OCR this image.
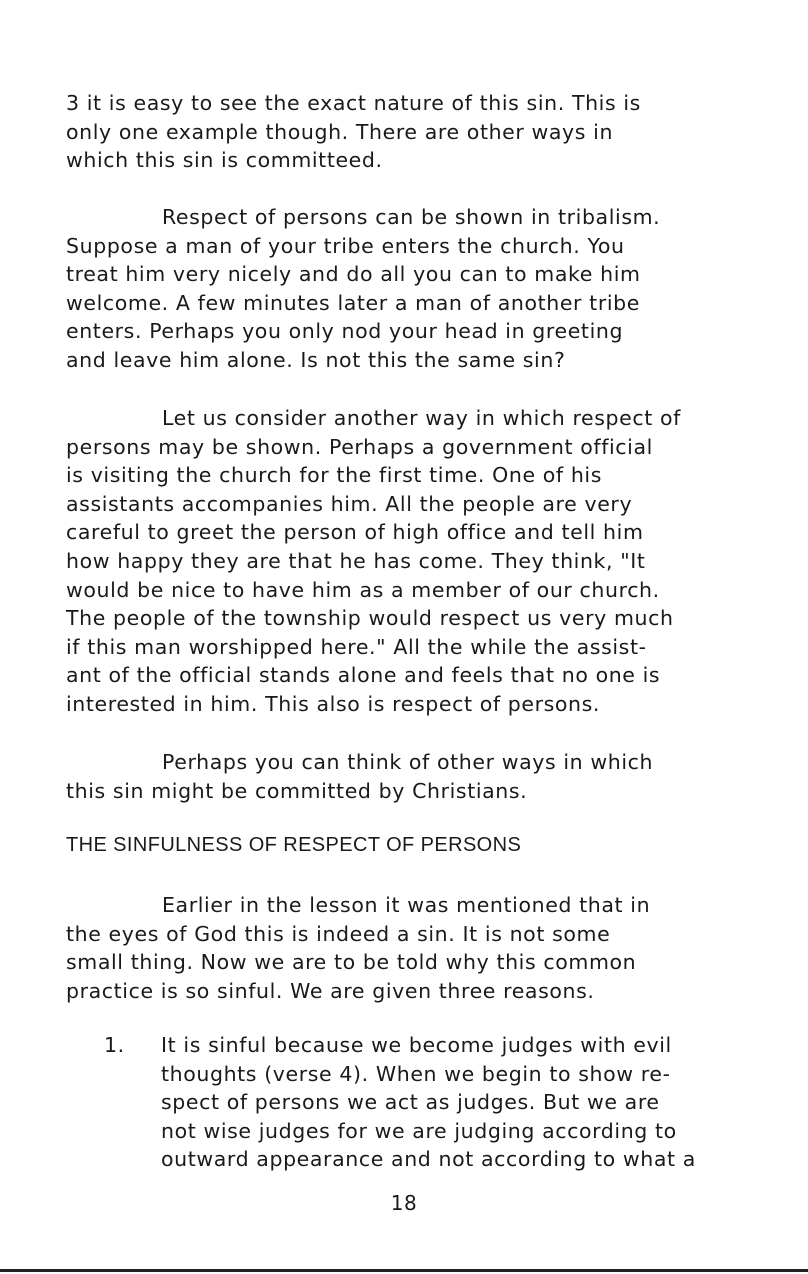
3 it is easy to see the exact nature of this sin. This is
only one example though. There are other ways in
which this sin is committeed.
Respect of persons can be shown in tribalism.
Suppose a man of your tribe enters the church. You
treat him very nicely and do all you can to make him
welcome. A few minutes later a man of another tribe
enters. Perhaps you only nod your head in greeting
and leave him alone. Is not this the same sin?
Let us consider another way in which respect of
persons may be shown. Perhaps a government official
is visiting the church for the first time. One of his
assistants accompanies him. All the people are very
careful to greet the person of high office and tell him
how happy they are that he has come. They think, "It
would be nice to have him as a member of our church.
The people of the township would respect us very much
if this man worshipped here." All the while the assist-
ant of the official stands alone and feels that no one is
interested in him. This also is respect of persons.
Perhaps you can think of other ways in which
this sin might be committed by Christians.
THE SINFULNESS OF RESPECT OF PERSONS
Earlier in the lesson it was mentioned that in
the eyes of God this is indeed a sin. It is not some
small thing. Now we are to be told why this common
practice is so sinful. We are given three reasons.
1.	It is sinful because we become judges with evil
thoughts (verse 4). When we begin to show re-
spect of persons we act as judges. But we are
not wise judges for we are judging according to
outward appearance and not according to what a
18
